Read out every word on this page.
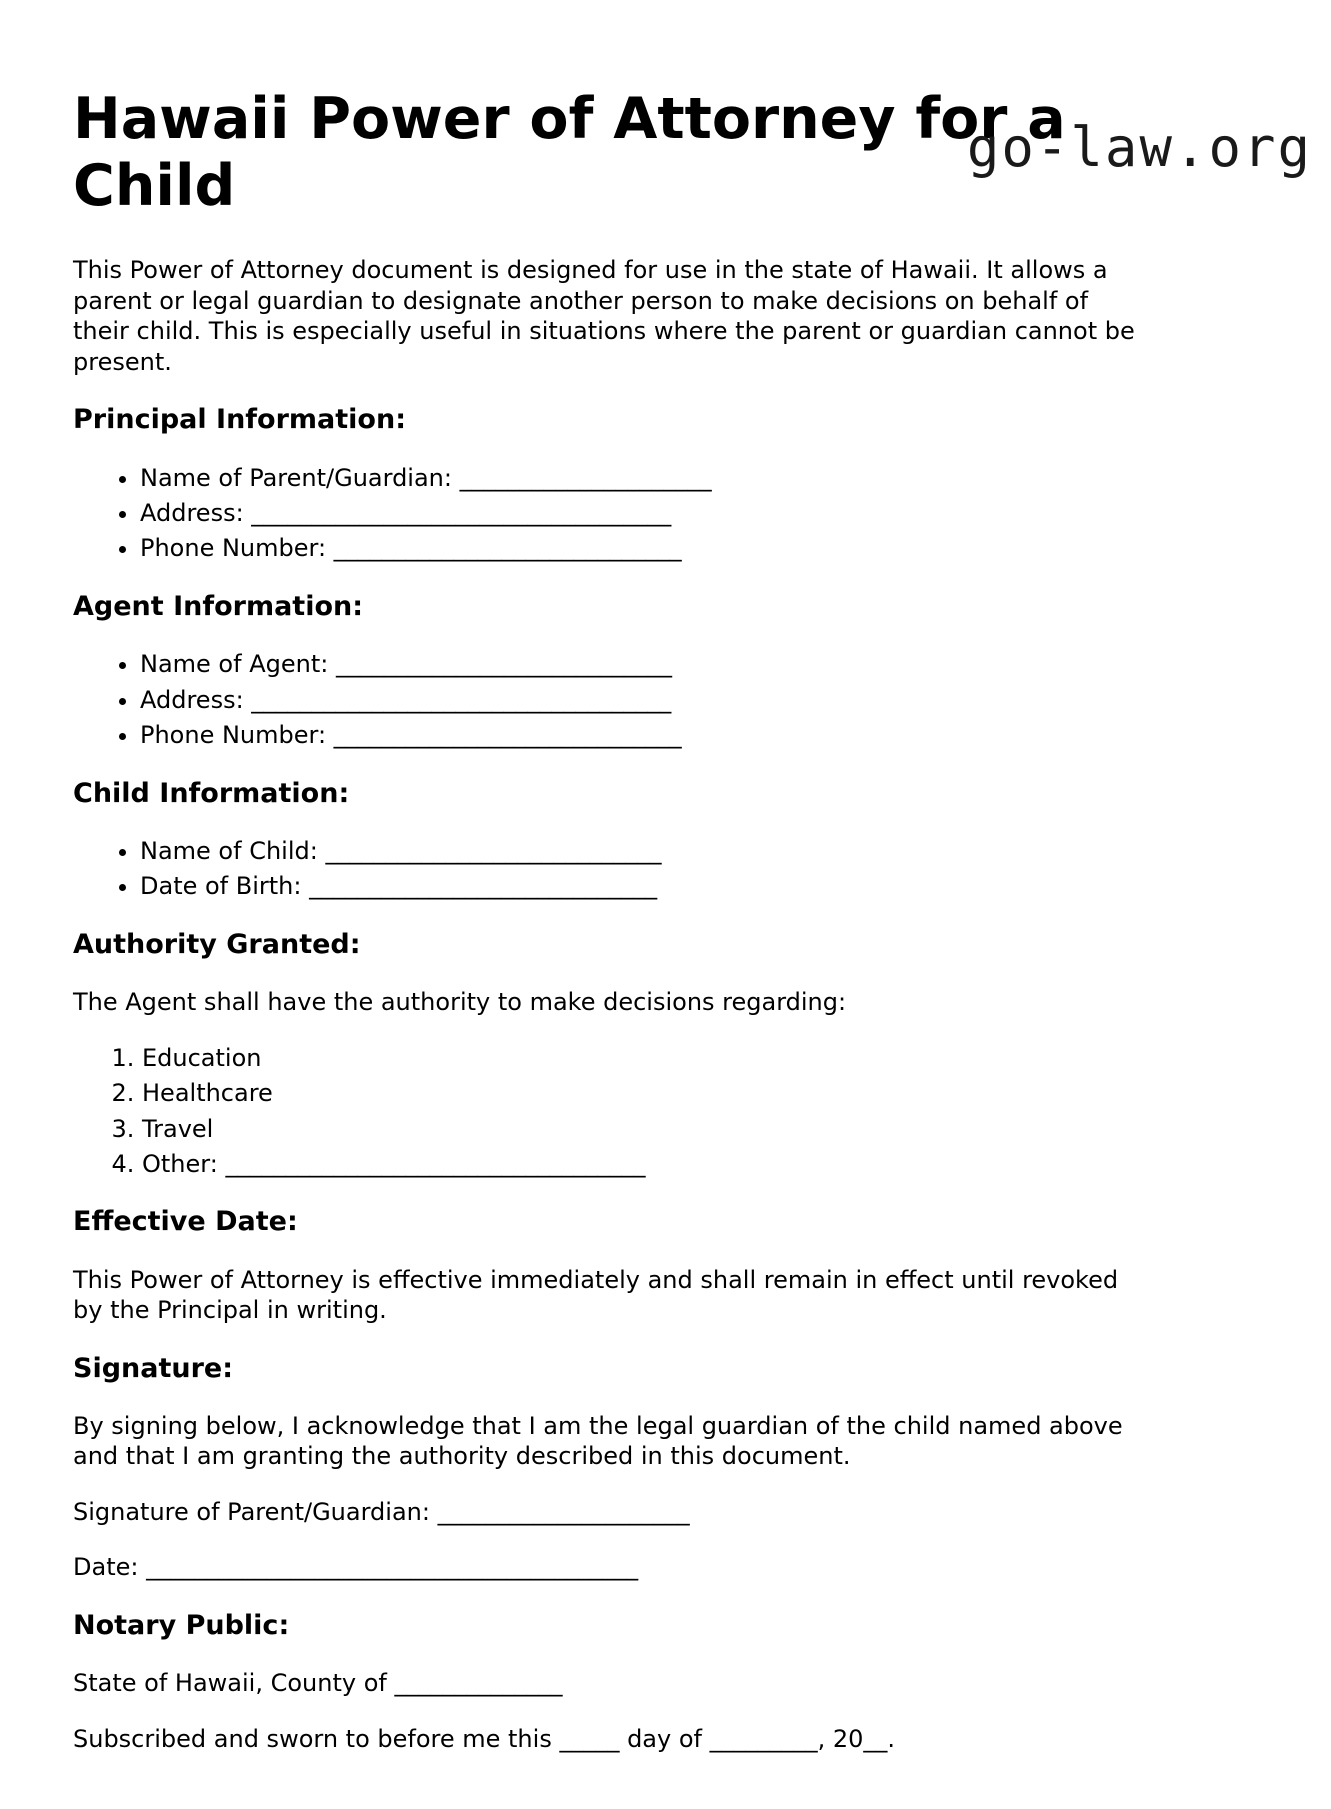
go-law.org
Hawaii Power of Attorney for a Child

This Power of Attorney document is designed for use in the state of Hawaii. It allows a parent or legal guardian to designate another person to make decisions on behalf of their child. This is especially useful in situations where the parent or guardian cannot be present.

Principal Information:
• Name of Parent/Guardian: _____________________
• Address: ___________________________________
• Phone Number: _____________________________
Agent Information:
• Name of Agent: ____________________________
• Address: ___________________________________
• Phone Number: _____________________________
Child Information:
• Name of Child: ____________________________
• Date of Birth: _____________________________
Authority Granted:

The Agent shall have the authority to make decisions regarding:

1. Education
2. Healthcare
3. Travel
4. Other: ___________________________________
Effective Date:

This Power of Attorney is effective immediately and shall remain in effect until revoked by the Principal in writing.

Signature:

By signing below, I acknowledge that I am the legal guardian of the child named above and that I am granting the authority described in this document.

Signature of Parent/Guardian: _____________________

Date: _________________________________________

Notary Public:

State of Hawaii, County of ______________

Subscribed and sworn to before me this _____ day of _________, 20__.
